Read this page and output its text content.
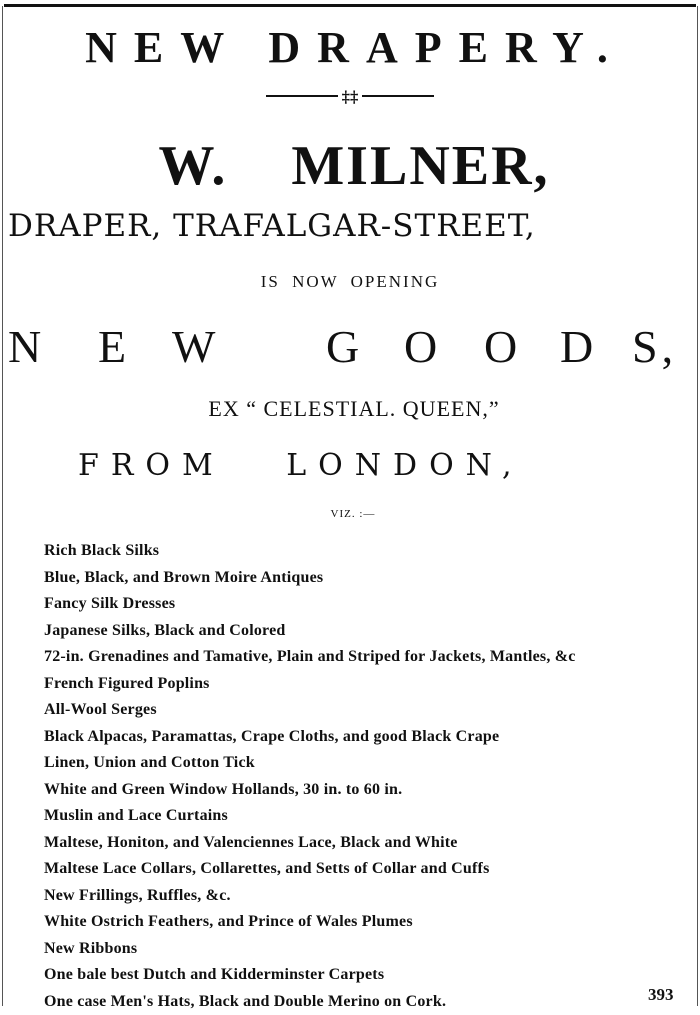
NEW DRAPERY.
‡‡
W. MILNER,
DRAPER, TRAFALGAR-STREET,
IS NOW OPENING
N E W G O O D S,
EX “ CELESTIAL. QUEEN,”
FROM LONDON,
VIZ. :—
Rich Black Silks
Blue, Black, and Brown Moire Antiques
Fancy Silk Dresses
Japanese Silks, Black and Colored
72-in. Grenadines and Tamative, Plain and Striped for Jackets, Mantles, &c
French Figured Poplins
All-Wool Serges
Black Alpacas, Paramattas, Crape Cloths, and good Black Crape
Linen, Union and Cotton Tick
White and Green Window Hollands, 30 in. to 60 in.
Muslin and Lace Curtains
Maltese, Honiton, and Valenciennes Lace, Black and White
Maltese Lace Collars, Collarettes, and Setts of Collar and Cuffs
New Frillings, Ruffles, &c.
White Ostrich Feathers, and Prince of Wales Plumes
New Ribbons
One bale best Dutch and Kidderminster Carpets
One case Men's Hats, Black and Double Merino on Cork.	393
